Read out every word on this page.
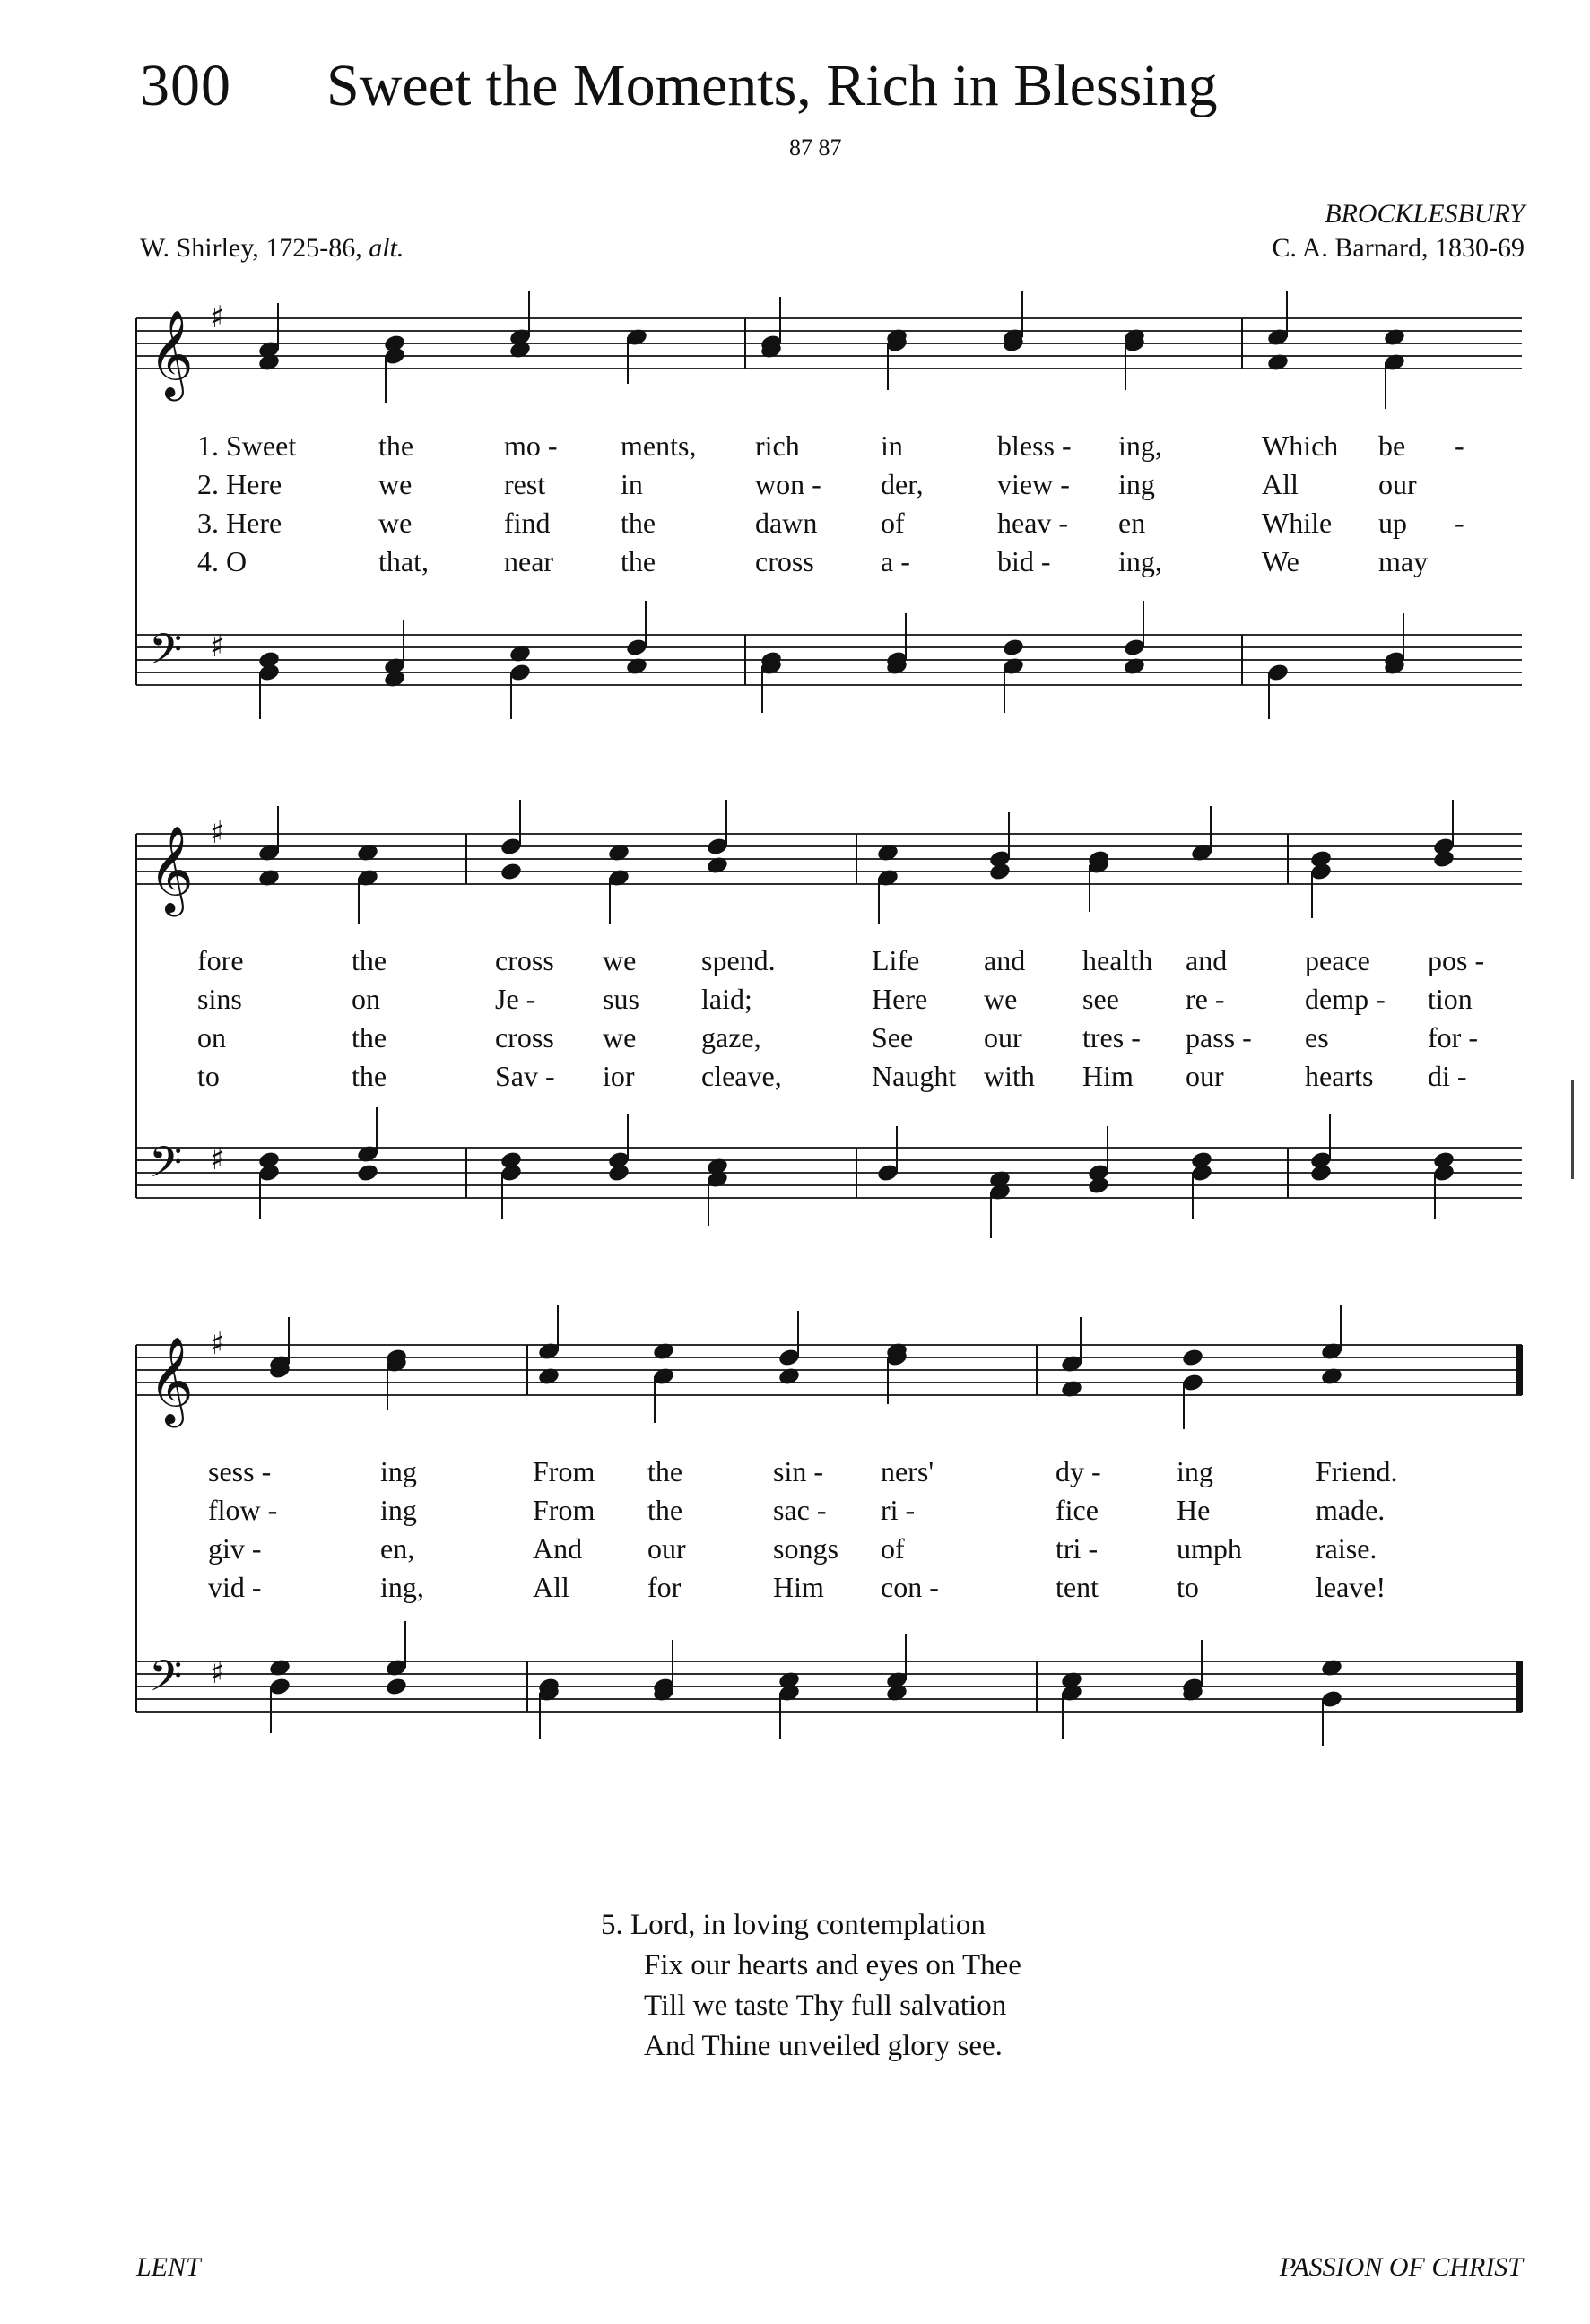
300 Sweet the Moments, Rich in Blessing
87 87
BROCKLESBURY
C. A. Barnard, 1830-69
W. Shirley, 1725-86, alt.
𝄞 ♯
𝄢 ♯
1. Sweet	the	mo - ments, rich	in	bless - ing,	Which be -
2. Here	we	rest	in	won - der,	view - ing	All	our
3. Here	we	find the	dawn of	heav - en	While up -
4. O	that,	near the	cross a -	bid - ing,	We	may
𝄞 ♯
𝄢 ♯
fore	the	cross we spend.	Life and health and	peace pos -
sins	on	Je - sus laid;	Here we see re -	demp - tion
on	the	cross we gaze,	See our tres - pass - es	for -
to	the	Sav - ior cleave,	Naught with Him our	hearts di -
𝄞 ♯
𝄢 ♯
sess -	ing	From the	sin - ners'	dy -	ing	Friend.
flow -	ing	From the	sac - ri -	fice	He	made.
giv -	en,	And our	songs of	tri -	umph	raise.
vid -	ing,	All	for	Him con -	tent	to	leave!
5. Lord, in loving contemplation
Fix our hearts and eyes on Thee
Till we taste Thy full salvation
And Thine unveiled glory see.
LENT	PASSION OF CHRIST
